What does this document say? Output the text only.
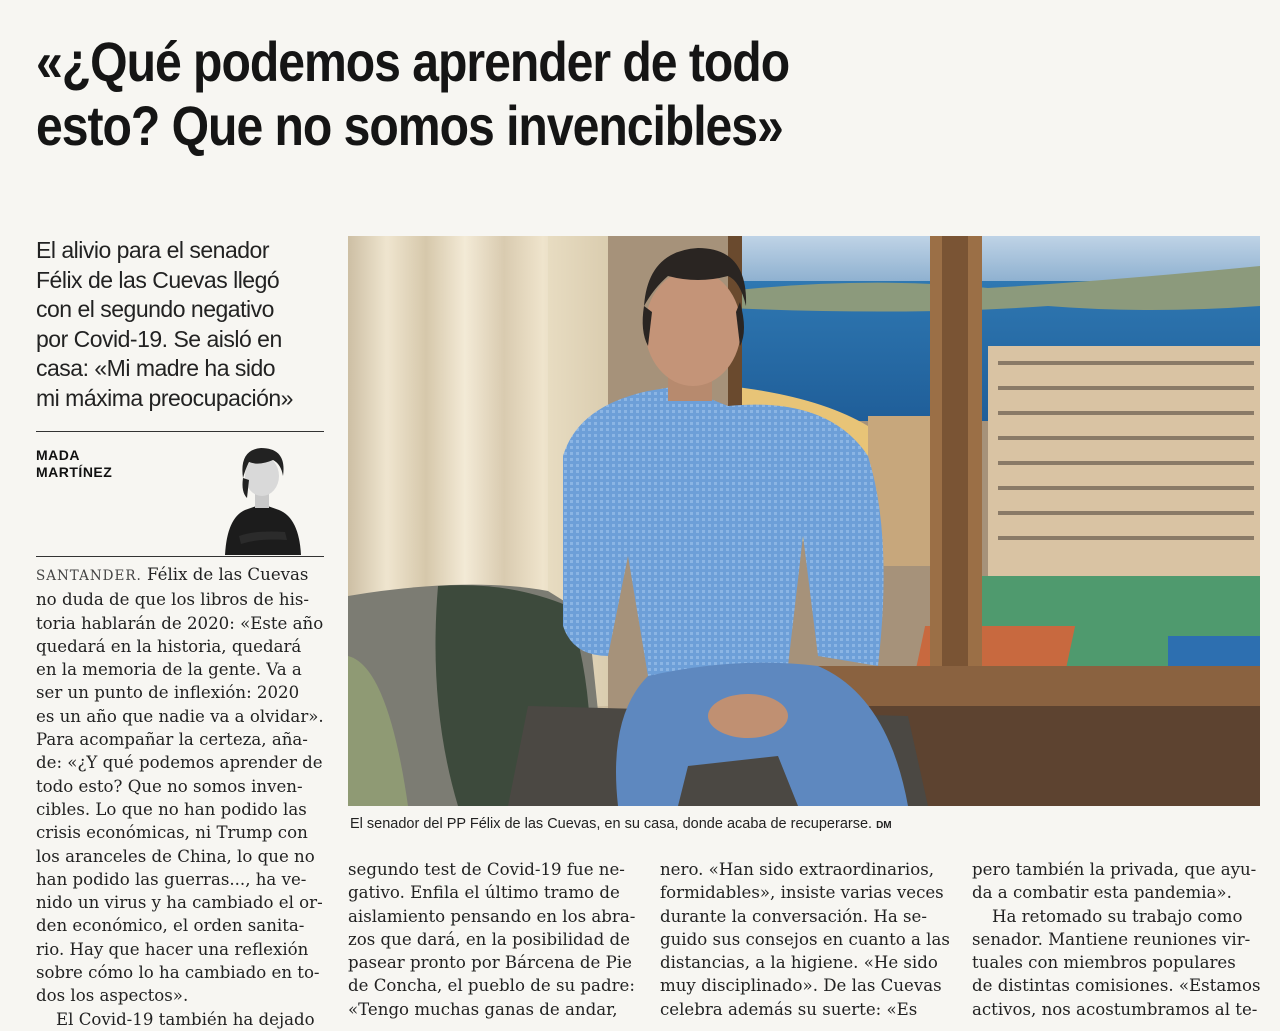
«¿Qué podemos aprender de todo
esto? Que no somos invencibles»
El alivio para el senador
Félix de las Cuevas llegó
con el segundo negativo
por Covid-19. Se aisló en
casa: «Mi madre ha sido
mi máxima preocupación»
MADA
MARTÍNEZ
El senador del PP Félix de las Cuevas, en su casa, donde acaba de recuperarse. DM
SANTANDER. Félix de las Cuevas
no duda de que los libros de his-
toria hablarán de 2020: «Este año
quedará en la historia, quedará
en la memoria de la gente. Va a
ser un punto de inflexión: 2020
es un año que nadie va a olvidar».
Para acompañar la certeza, aña-
de: «¿Y qué podemos aprender de
todo esto? Que no somos inven-
cibles. Lo que no han podido las
crisis económicas, ni Trump con
los aranceles de China, lo que no
han podido las guerras..., ha ve-
nido un virus y ha cambiado el or-
den económico, el orden sanita-
rio. Hay que hacer una reflexión
sobre cómo lo ha cambiado en to-
dos los aspectos».
El Covid-19 también ha dejado
segundo test de Covid-19 fue ne-
gativo. Enfila el último tramo de
aislamiento pensando en los abra-
zos que dará, en la posibilidad de
pasear pronto por Bárcena de Pie
de Concha, el pueblo de su padre:
«Tengo muchas ganas de andar,
nero. «Han sido extraordinarios,
formidables», insiste varias veces
durante la conversación. Ha se-
guido sus consejos en cuanto a las
distancias, a la higiene. «He sido
muy disciplinado». De las Cuevas
celebra además su suerte: «Es
pero también la privada, que ayu-
da a combatir esta pandemia».
Ha retomado su trabajo como
senador. Mantiene reuniones vir-
tuales con miembros populares
de distintas comisiones. «Estamos
activos, nos acostumbramos al te-
